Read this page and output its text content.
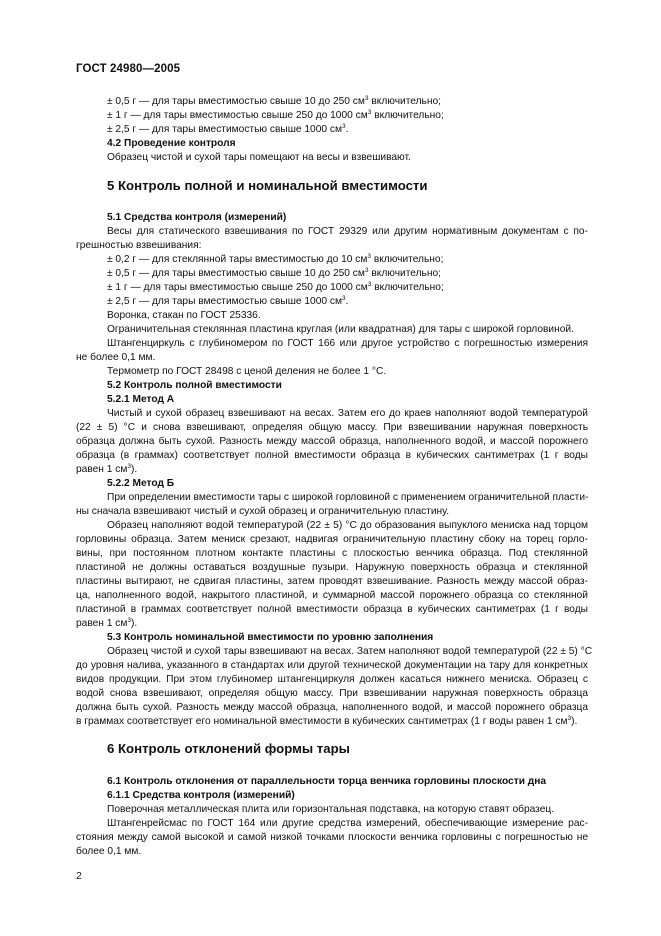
ГОСТ 24980—2005
± 0,5 г — для тары вместимостью свыше 10 до 250 $см^3$ включительно;
± 1 г — для тары вместимостью свыше 250 до 1000 $см^3$ включительно;
± 2,5 г — для тары вместимостью свыше 1000 $см^3$.
4.2 Проведение контроля
Образец чистой и сухой тары помещают на весы и взвешивают.
5 Контроль полной и номинальной вместимости
5.1 Средства контроля (измерений)
Весы для статического взвешивания по ГОСТ 29329 или другим нормативным документам с по-
грешностью взвешивания:
± 0,2 г — для стеклянной тары вместимостью до 10 $см^3$ включительно;
± 0,5 г — для тары вместимостью свыше 10 до 250 $см^3$ включительно;
± 1 г — для тары вместимостью свыше 250 до 1000 $см^3$ включительно;
± 2,5 г — для тары вместимостью свыше 1000 $см^3$.
Воронка, стакан по ГОСТ 25336.
Ограничительная стеклянная пластина круглая (или квадратная) для тары с широкой горловиной.
Штангенциркуль с глубиномером по ГОСТ 166 или другое устройство с погрешностью измерения
не более 0,1 мм.
Термометр по ГОСТ 28498 с ценой деления не более 1 °С.
5.2 Контроль полной вместимости
5.2.1 Метод А
Чистый и сухой образец взвешивают на весах. Затем его до краев наполняют водой температурой
(22 ± 5) °С и снова взвешивают, определяя общую массу. При взвешивании наружная поверхность
образца должна быть сухой. Разность между массой образца, наполненного водой, и массой порожнего
образца (в граммах) соответствует полной вместимости образца в кубических сантиметрах (1 г воды
равен 1 $см^3$).
5.2.2 Метод Б
При определении вместимости тары с широкой горловиной с применением ограничительной пласти-
ны сначала взвешивают чистый и сухой образец и ограничительную пластину.
Образец наполняют водой температурой (22 ± 5) °С до образования выпуклого мениска над торцом
горловины образца. Затем мениск срезают, надвигая ограничительную пластину сбоку на торец горло-
вины, при постоянном плотном контакте пластины с плоскостью венчика образца. Под стеклянной
пластиной не должны оставаться воздушные пузыри. Наружную поверхность образца и стеклянной
пластины вытирают, не сдвигая пластины, затем проводят взвешивание. Разность между массой образ-
ца, наполненного водой, накрытого пластиной, и суммарной массой порожнего образца со стеклянной
пластиной в граммах соответствует полной вместимости образца в кубических сантиметрах (1 г воды
равен 1 $см^3$).
5.3 Контроль номинальной вместимости по уровню заполнения
Образец чистой и сухой тары взвешивают на весах. Затем наполняют водой температурой (22 ± 5) °С
до уровня налива, указанного в стандартах или другой технической документации на тару для конкретных
видов продукции. При этом глубиномер штангенциркуля должен касаться нижнего мениска. Образец с
водой снова взвешивают, определяя общую массу. При взвешивании наружная поверхность образца
должна быть сухой. Разность между массой образца, наполненного водой, и массой порожнего образца
в граммах соответствует его номинальной вместимости в кубических сантиметрах (1 г воды равен 1 $см^3$).
6 Контроль отклонений формы тары
6.1 Контроль отклонения от параллельности торца венчика горловины плоскости дна
6.1.1 Средства контроля (измерений)
Поверочная металлическая плита или горизонтальная подставка, на которую ставят образец.
Штангенрейсмас по ГОСТ 164 или другие средства измерений, обеспечивающие измерение рас-
стояния между самой высокой и самой низкой точками плоскости венчика горловины с погрешностью не
более 0,1 мм.
2
